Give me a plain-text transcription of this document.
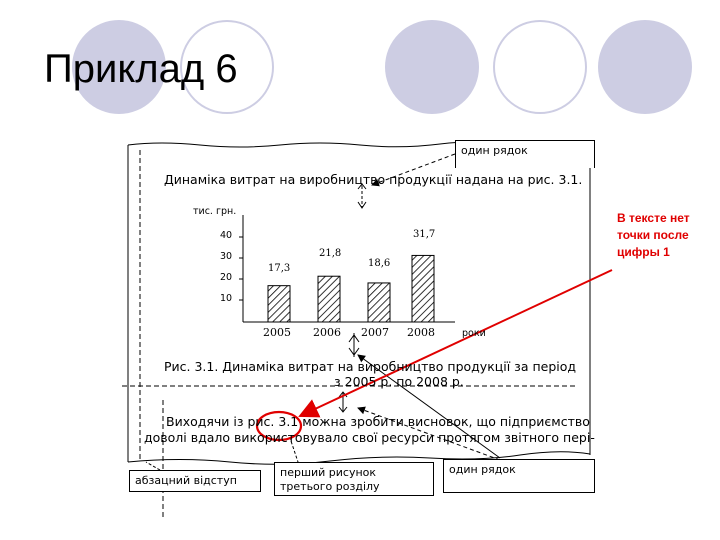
Приклад 6
один рядок
Динаміка витрат на виробництво продукції надана на рис. 3.1.
тис. грн.
40
30
20
10
17,3
21,8
18,6
31,7
2005 2006 2007 2008	роки
Рис. 3.1. Динаміка витрат на виробництво продукції за період
з 2005 р. по 2008 р.
Виходячи із рис. 3.1 можна зробити висновок, що підприємство
доволі вдало використовувало свої ресурси протягом звітного пері-
абзацний відступ
перший рисунок третього розділу
один рядок
В тексте нет точки после цифры 1
